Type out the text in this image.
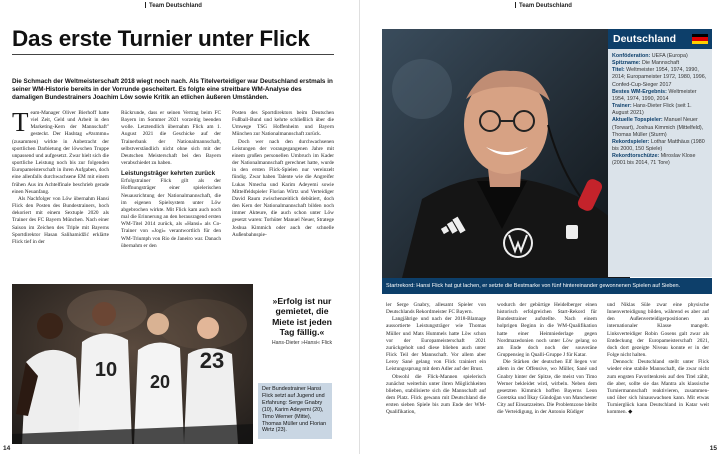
Team Deutschland
Das erste Turnier unter Flick
Die Schmach der Weltmeisterschaft 2018 wiegt noch nach. Als Titelverteidiger war Deutschland erstmals in seiner WM-Historie bereits in der Vorrunde gescheitert. Es folgte eine streitbare WM-Analyse des damaligen Bundestrainers Joachim Löw sowie Kritik an etlichen äußeren Umständen.
T eam-Manager Oliver Bierhoff hatte viel Zeit, Geld und Arbeit in den Marketing-Kern der Mannschaft" gesteckt. Der Hashtag »#zsmmn« (zusammen) wirkte in Anbetracht der sportlichen Darbietung der löwschen Truppe unpassend und aufgesetzt. Zwar hielt sich die sportliche Leistung noch bis zur folgenden Europameisterschaft in ihren Aufgaben, doch eine allenfalls durchwachsene EM mit einem frühen Aus im Achtelfinale beschrieb gerade einen Neuanfang.

Als Nachfolger von Löw übernahm Hansi Flick den Posten des Bundestrainers, hoch dekoriert mit einem Sextuple 2020 als Trainer des FC Bayern München. Nach einer Saison im Zeichen des Triple mit Bayerns Sportdirektor Hasan Salihamidžić erklärte Flick tief in der

Rückrunde, dass er seinen Vertrag beim FC Bayern im Sommer 2021 vorzeitig beenden wolle. Letztendlich übernahm Flick am 1. August 2021 die Geschicke auf der Trainerbank der Nationalmannschaft, selbstverständlich nicht ohne sich mit der Deutschen Meisterschaft bei den Bayern verabschiedet zu haben.

Leistungsträger kehrten zurück

Erfolgstrainer Flick gilt als der Hoffnungsträger einer spielerischen Neuausrichtung der Nationalmannschaft, die im eigenen Spielsystem unter Löw abgebrochen wirkte. Mit Flick kam auch noch mal die Erinnerung an den herausragend ersten WM-Titel 2014 zurück, als »Hansi« als Co-Trainer von »Jogi« verantwortlich für den WM-Triumph von Rio de Janeiro war. Danach übernahm er den

Posten des Sportdirektors beim Deutschen Fußball-Bund und kehrte schließlich über die Umwege TSG Hoffenheim und Bayern München zur Nationalmannschaft zurück.

Doch wer nach den durchwachsenen Leistungen der vorangegangenen Jahre mit einem großen personellen Umbruch im Kader der Nationalmannschaft gerechnet hatte, wurde in den ersten Flick-Spielen nur vereinzelt fündig. Zwar haben Talente wie die Angreifer Lukas Nmecha und Karim Adeyemi sowie Mittelfeldspieler Florian Wirtz und Verteidiger David Raum zwischenzeitlich debütiert, doch den Kern der Nationalmannschaft bilden noch immer Akteure, die auch schon unter Löw gesetzt waren: Torhüter Manuel Neuer, Stratege Joshua Kimmich oder auch der schnelle Außenbahnspie-

10
20
23
»Erfolg ist nur gemietet, die Miete ist jeden Tag fällig.«
Hans-Dieter »Hansi« Flick
Der Bundestrainer Hansi Flick setzt auf Jugend und Erfahrung: Serge Gnabry (10), Karim Adeyemi (20), Timo Werner (Mitte), Thomas Müller und Florian Wirtz (23).
14
Team Deutschland
Startrekord: Hansi Flick hat gut lachen, er setzte die Bestmarke von fünf hintereinander gewonnenen Spielen auf Sieben.

ler Serge Gnabry, allesamt Spieler von Deutschlands Rekordmeister FC Bayern.

Langjährige und nach der 2018-Blamage aussortierte Leistungsträger wie Thomas Müller und Mats Hummels hatte Löw schon vor der Europameisterschaft 2021 zurückgeholt und diese blieben auch unter Flick Teil der Mannschaft. Vor allem aber Leroy Sané gelang von Flick trainiert ein Leistungssprung mit dem Adler auf der Brust.

Obwohl die Flick-Mannen spielerisch zunächst weiterhin unter ihren Möglichkeiten blieben, stabilisierte sich die Mannschaft auf dem Platz. Flick gewann mit Deutschland die ersten sieben Spiele bis zum Ende der WM-Qualifikation,

wodurch der gebürtige Heidelberger einen historisch erfolgreichen Start-Rekord für Bundestrainer aufstellte. Nach einem holprigen Beginn in die WM-Qualifikation hatte einer Heimniederlage gegen Nordmazedonien noch unter Löw gelang so am Ende doch noch der souveräne Gruppensieg in Qualli-Gruppe J für Katar.

Die Stärken der deutschen Elf liegen vor allem in der Offensive, wo Müller, Sané und Gnabry hinter der Spitze, die meist von Timo Werner bekleidet wird, wirbeln. Neben dem gesetzten Kimmich hoffen Bayerns Leon Goretzka und İlkay Gündoğan von Manchester City auf Einsatzzeiten. Die Problemzone bleibt die Verteidigung, in der Antonio Rüdiger

und Niklas Süle zwar eine physische Innenverteidigung bilden, während es aber auf den Außenverteidigerpositionen an internationaler Klasse mangelt. Linksverteidiger Robin Gosens galt zwar als Entdeckung der Europameisterschaft 2021, doch dort gezeigte Niveau konnte er in der Folge nicht halten.

Dennoch: Deutschland stellt unter Flick wieder eine stabile Mannschaft, die zwar nicht zum engsten Favoritenkreis auf den Titel zählt, die aber, sollte sie das Mantra als klassische Turniermannschaft reaktivieren, zusammen- und über sich hinauswachsen kann. Mit etwas Turnierglück kann Deutschland in Katar weit kommen. ◆

15
Deutschland
Konföderation: UEFA (Europa)
Spitzname: Die Mannschaft
Titel: Weltmeister 1954, 1974, 1990, 2014; Europameister 1972, 1980, 1996, Confed-Cup-Sieger 2017
Bestes WM-Ergebnis: Weltmeister 1954, 1974, 1990, 2014
Trainer: Hans-Dieter Flick (seit 1. August 2021)
Aktuelle Topspieler: Manuel Neuer (Torwart), Joshua Kimmich (Mittelfeld), Thomas Müller (Sturm)
Rekordspieler: Lothar Matthäus (1980 bis 2000, 150 Spiele)
Rekordtorschütze: Miroslav Klose (2001 bis 2014, 71 Tore)
